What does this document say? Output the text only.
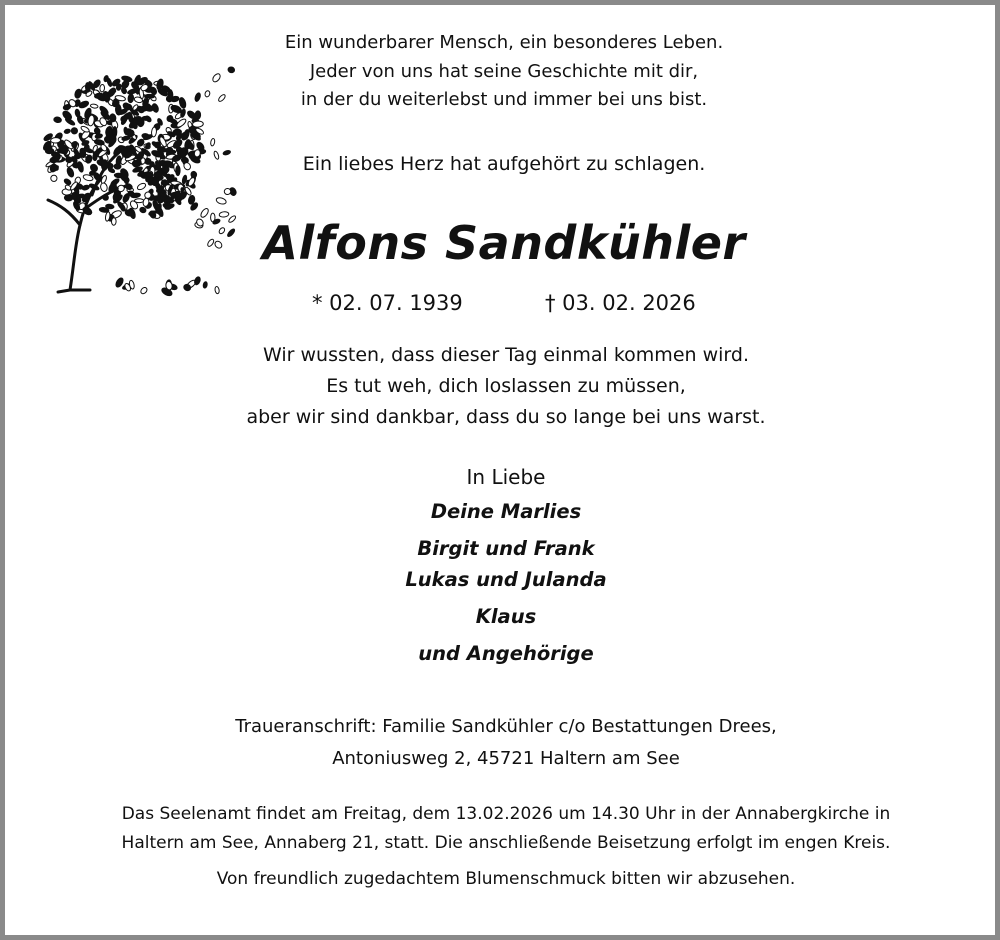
Ein wunderbarer Mensch, ein besonderes Leben.
Jeder von uns hat seine Geschichte mit dir,
in der du weiterlebst und immer bei uns bist.
Ein liebes Herz hat aufgehört zu schlagen.
Alfons Sandkühler
* 02. 07. 1939	† 03. 02. 2026
Wir wussten, dass dieser Tag einmal kommen wird.
Es tut weh, dich loslassen zu müssen,
aber wir sind dankbar, dass du so lange bei uns warst.
In Liebe
Deine Marlies
Birgit und Frank
Lukas und Julanda
Klaus
und Angehörige
Traueranschrift: Familie Sandkühler c/o Bestattungen Drees,
Antoniusweg 2, 45721 Haltern am See
Das Seelenamt findet am Freitag, dem 13.02.2026 um 14.30 Uhr in der Annabergkirche in
Haltern am See, Annaberg 21, statt. Die anschließende Beisetzung erfolgt im engen Kreis.
Von freundlich zugedachtem Blumenschmuck bitten wir abzusehen.
